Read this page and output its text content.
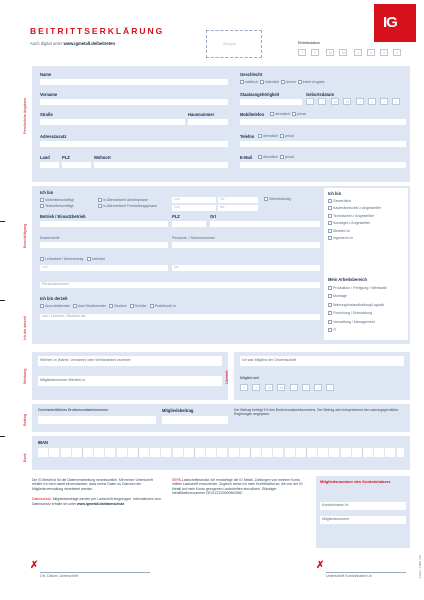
BEITRITTSERKLÄRUNG
Auch digital unter www.igmetall.de/beitreten	Stempel	Eintrittsdatum
T	T	M	M	J	J	J	J
IG
Persönliche Angaben
Name
Vorname
Straße	Hausnummer
Adresszusatz
Land	PLZ	Wohnort
Geschlecht
weiblich männlich divers keine Angabe
Staatsangehörigkeit	Geburtsdatum
T	T	M	M	J	J	J	J
Mobiltelefon	dienstlich privat
Telefon	dienstlich privat
E-Mail	dienstlich privat
Beschäftigung
Ich bin derzeit
Ich bin
Vollzeitbeschäftigt
Teilzeitbeschäftigt
in Altersteilzeit Arbeitsphase
in Altersteilzeit Freistellungsphase
von	bis
von	bis
Selbstständig
Betrieb / Einsatzbetrieb	PLZ	Ort
Kostenstelle	Personal- / Stammnummer
Leiharbeit / Werkvertrag	befristet
von	bis
Personalnummer
Ich bin derzeit
Auszubildender dual Studierender Student Schüler Praktikant/-in
von / Lehrzeit / Studium bis
Ich bin
Gewerblich
Kaufmännische/-r Angestellter
Technische/-r Angestellter
Sonstige/-r Angestellter
Meister/-in
Ingenieur/-in
Mein Arbeitsbereich
Produktion / Fertigung / Werkstatt
Montage
Wartung/Instandhaltung/Logistik
Forschung / Entwicklung
Verwaltung / Management
IT
Werbung
Werber/-in (Name, Vorname) oder Werbeaktion/-nummer
Mitgliedsnummer Werber/-in	Übertritt
Ich war Mitglied der Gewerkschaft
Mitglied seit
T	T	M	M	J	J	J	J
Beitrag
Durchschnittliches Bruttomonatseinkommen	Mitgliedsbeitrag	Der Beitrag beträgt 1% des Bruttomonatseinkommens. Der Beitrag wird entsprechend den satzungsgemäßen Regelungen angepasst.
Bank
IBAN
Die IG Metall ist für die Datenverarbeitung verantwortlich. Mit meiner Unterschrift erkläre ich mich damit einverstanden, dass meine Daten zu Zwecken der Mitgliederverwaltung verarbeitet werden.
Datenschutz: Mitgliedsbeiträge werden per Lastschrift eingezogen. Informationen zum Datenschutz erhalte ich unter www.igmetall.de/datenschutz
SEPA-Lastschriftmandat: Ich ermächtige die IG Metall, Zahlungen von meinem Konto mittels Lastschrift einzuziehen. Zugleich weise ich mein Kreditinstitut an, die von der IG Metall auf mein Konto gezogenen Lastschriften einzulösen. Gläubiger-Identifikationsnummer DE31ZZZ00000563369.
Mitgliedsnummer des Kontoinhabers
Kontoinhaber/-in
Mitgliedsnummer
✗
Ort, Datum, Unterschrift
✗
Unterschrift Kontoinhaber/-in	Form.: 1.900 / 23
